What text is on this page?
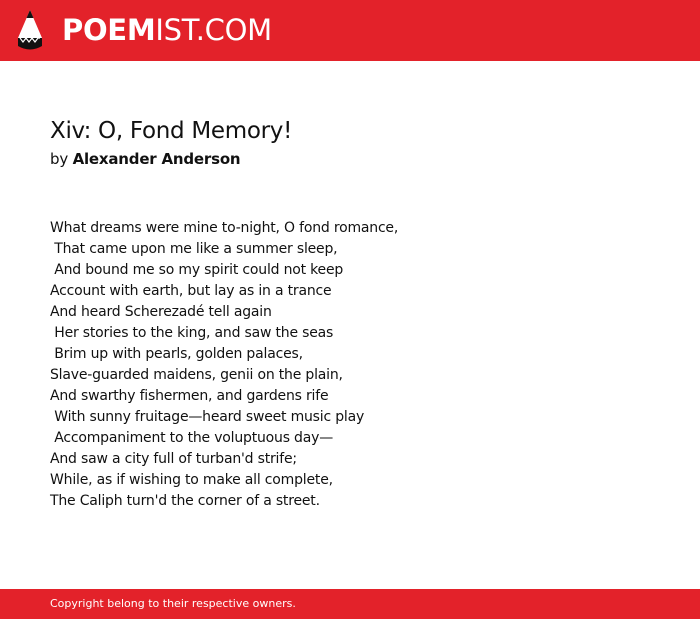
POEMIST.COM
Xiv: O, Fond Memory!
by Alexander Anderson
What dreams were mine to-night, O fond romance,
That came upon me like a summer sleep,
And bound me so my spirit could not keep
Account with earth, but lay as in a trance
And heard Scherezadé tell again
Her stories to the king, and saw the seas
Brim up with pearls, golden palaces,
Slave-guarded maidens, genii on the plain,
And swarthy fishermen, and gardens rife
With sunny fruitage—heard sweet music play
Accompaniment to the voluptuous day—
And saw a city full of turban'd strife;
While, as if wishing to make all complete,
The Caliph turn'd the corner of a street.
Copyright belong to their respective owners.
